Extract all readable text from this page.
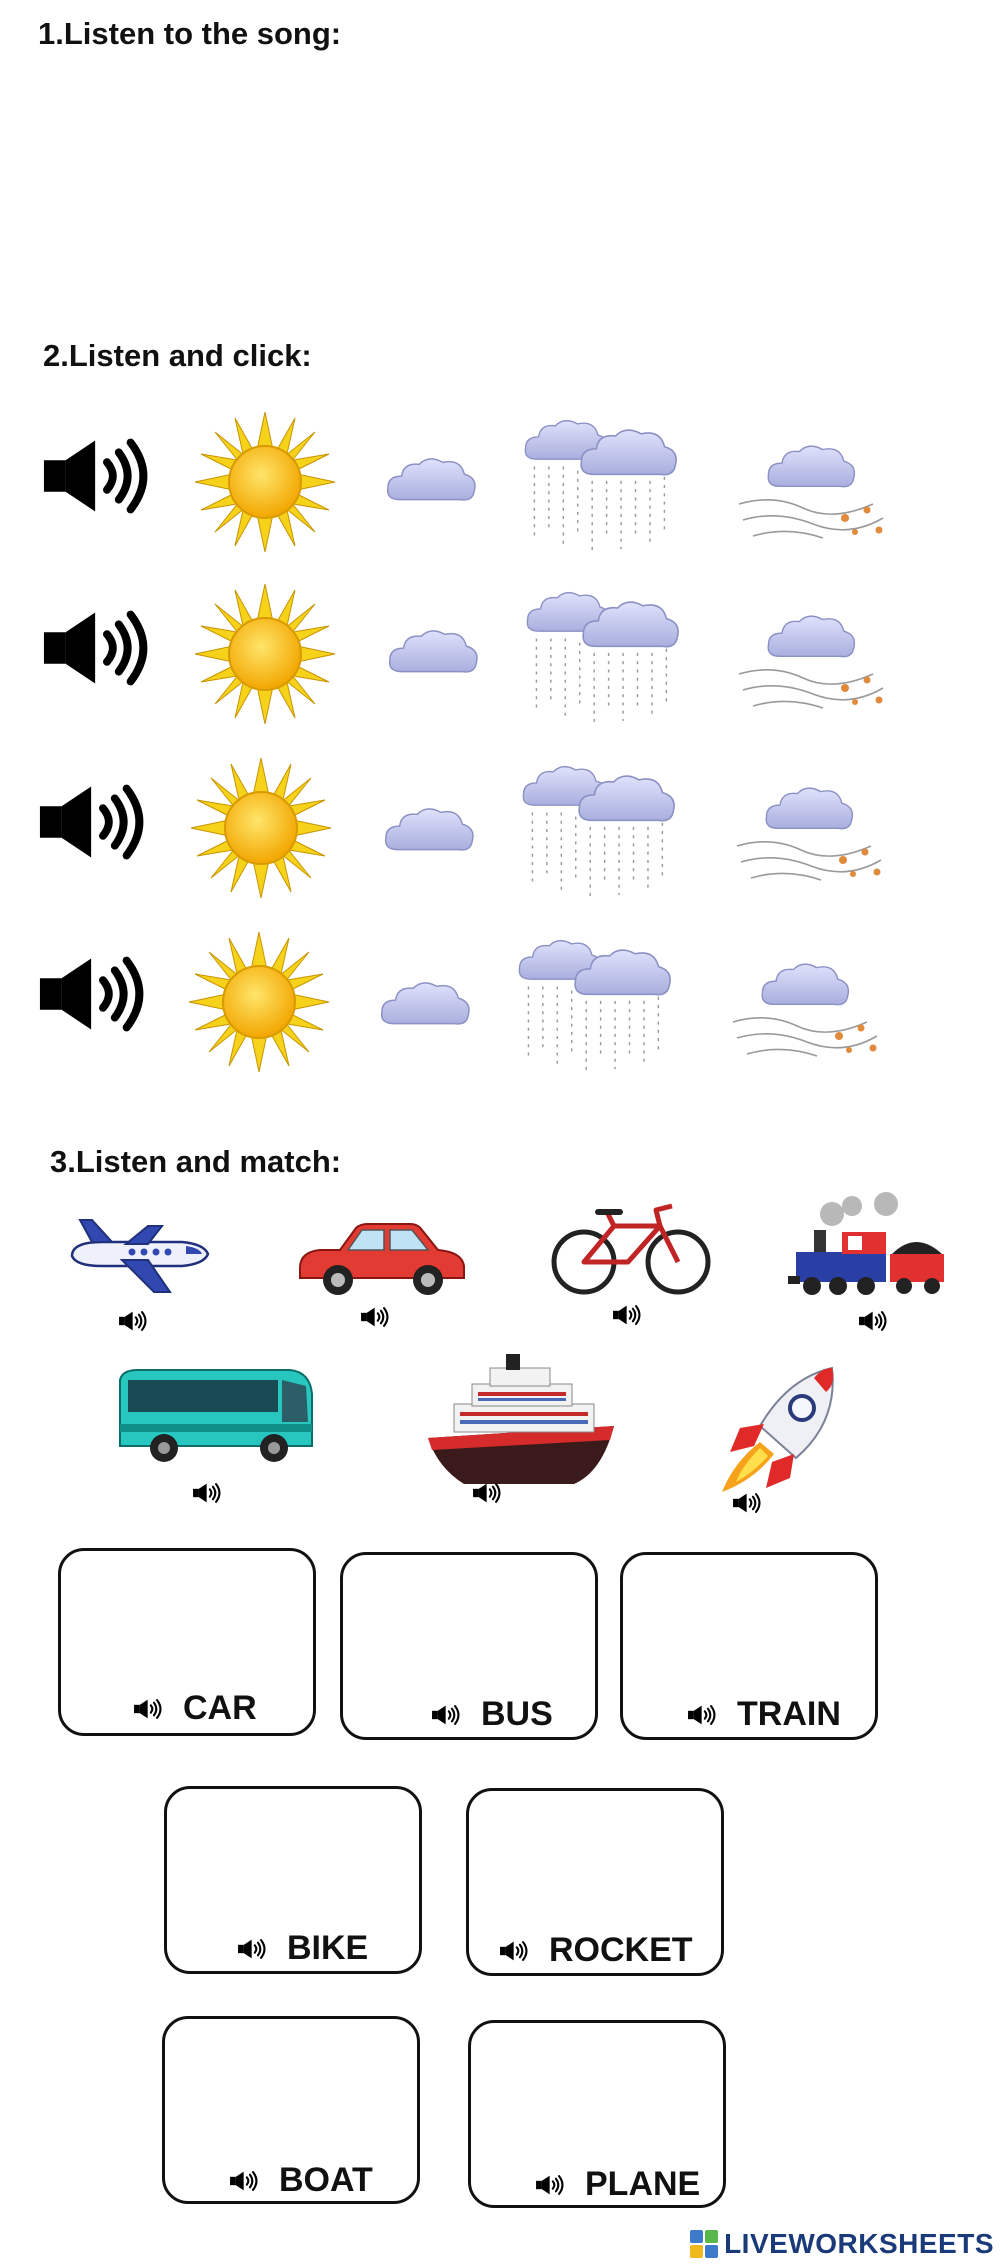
1.Listen to the song:
2.Listen and click:
3.Listen and match:
CAR	BUS	TRAIN
BIKE	ROCKET
BOAT	PLANE
LIVEWORKSHEETS
